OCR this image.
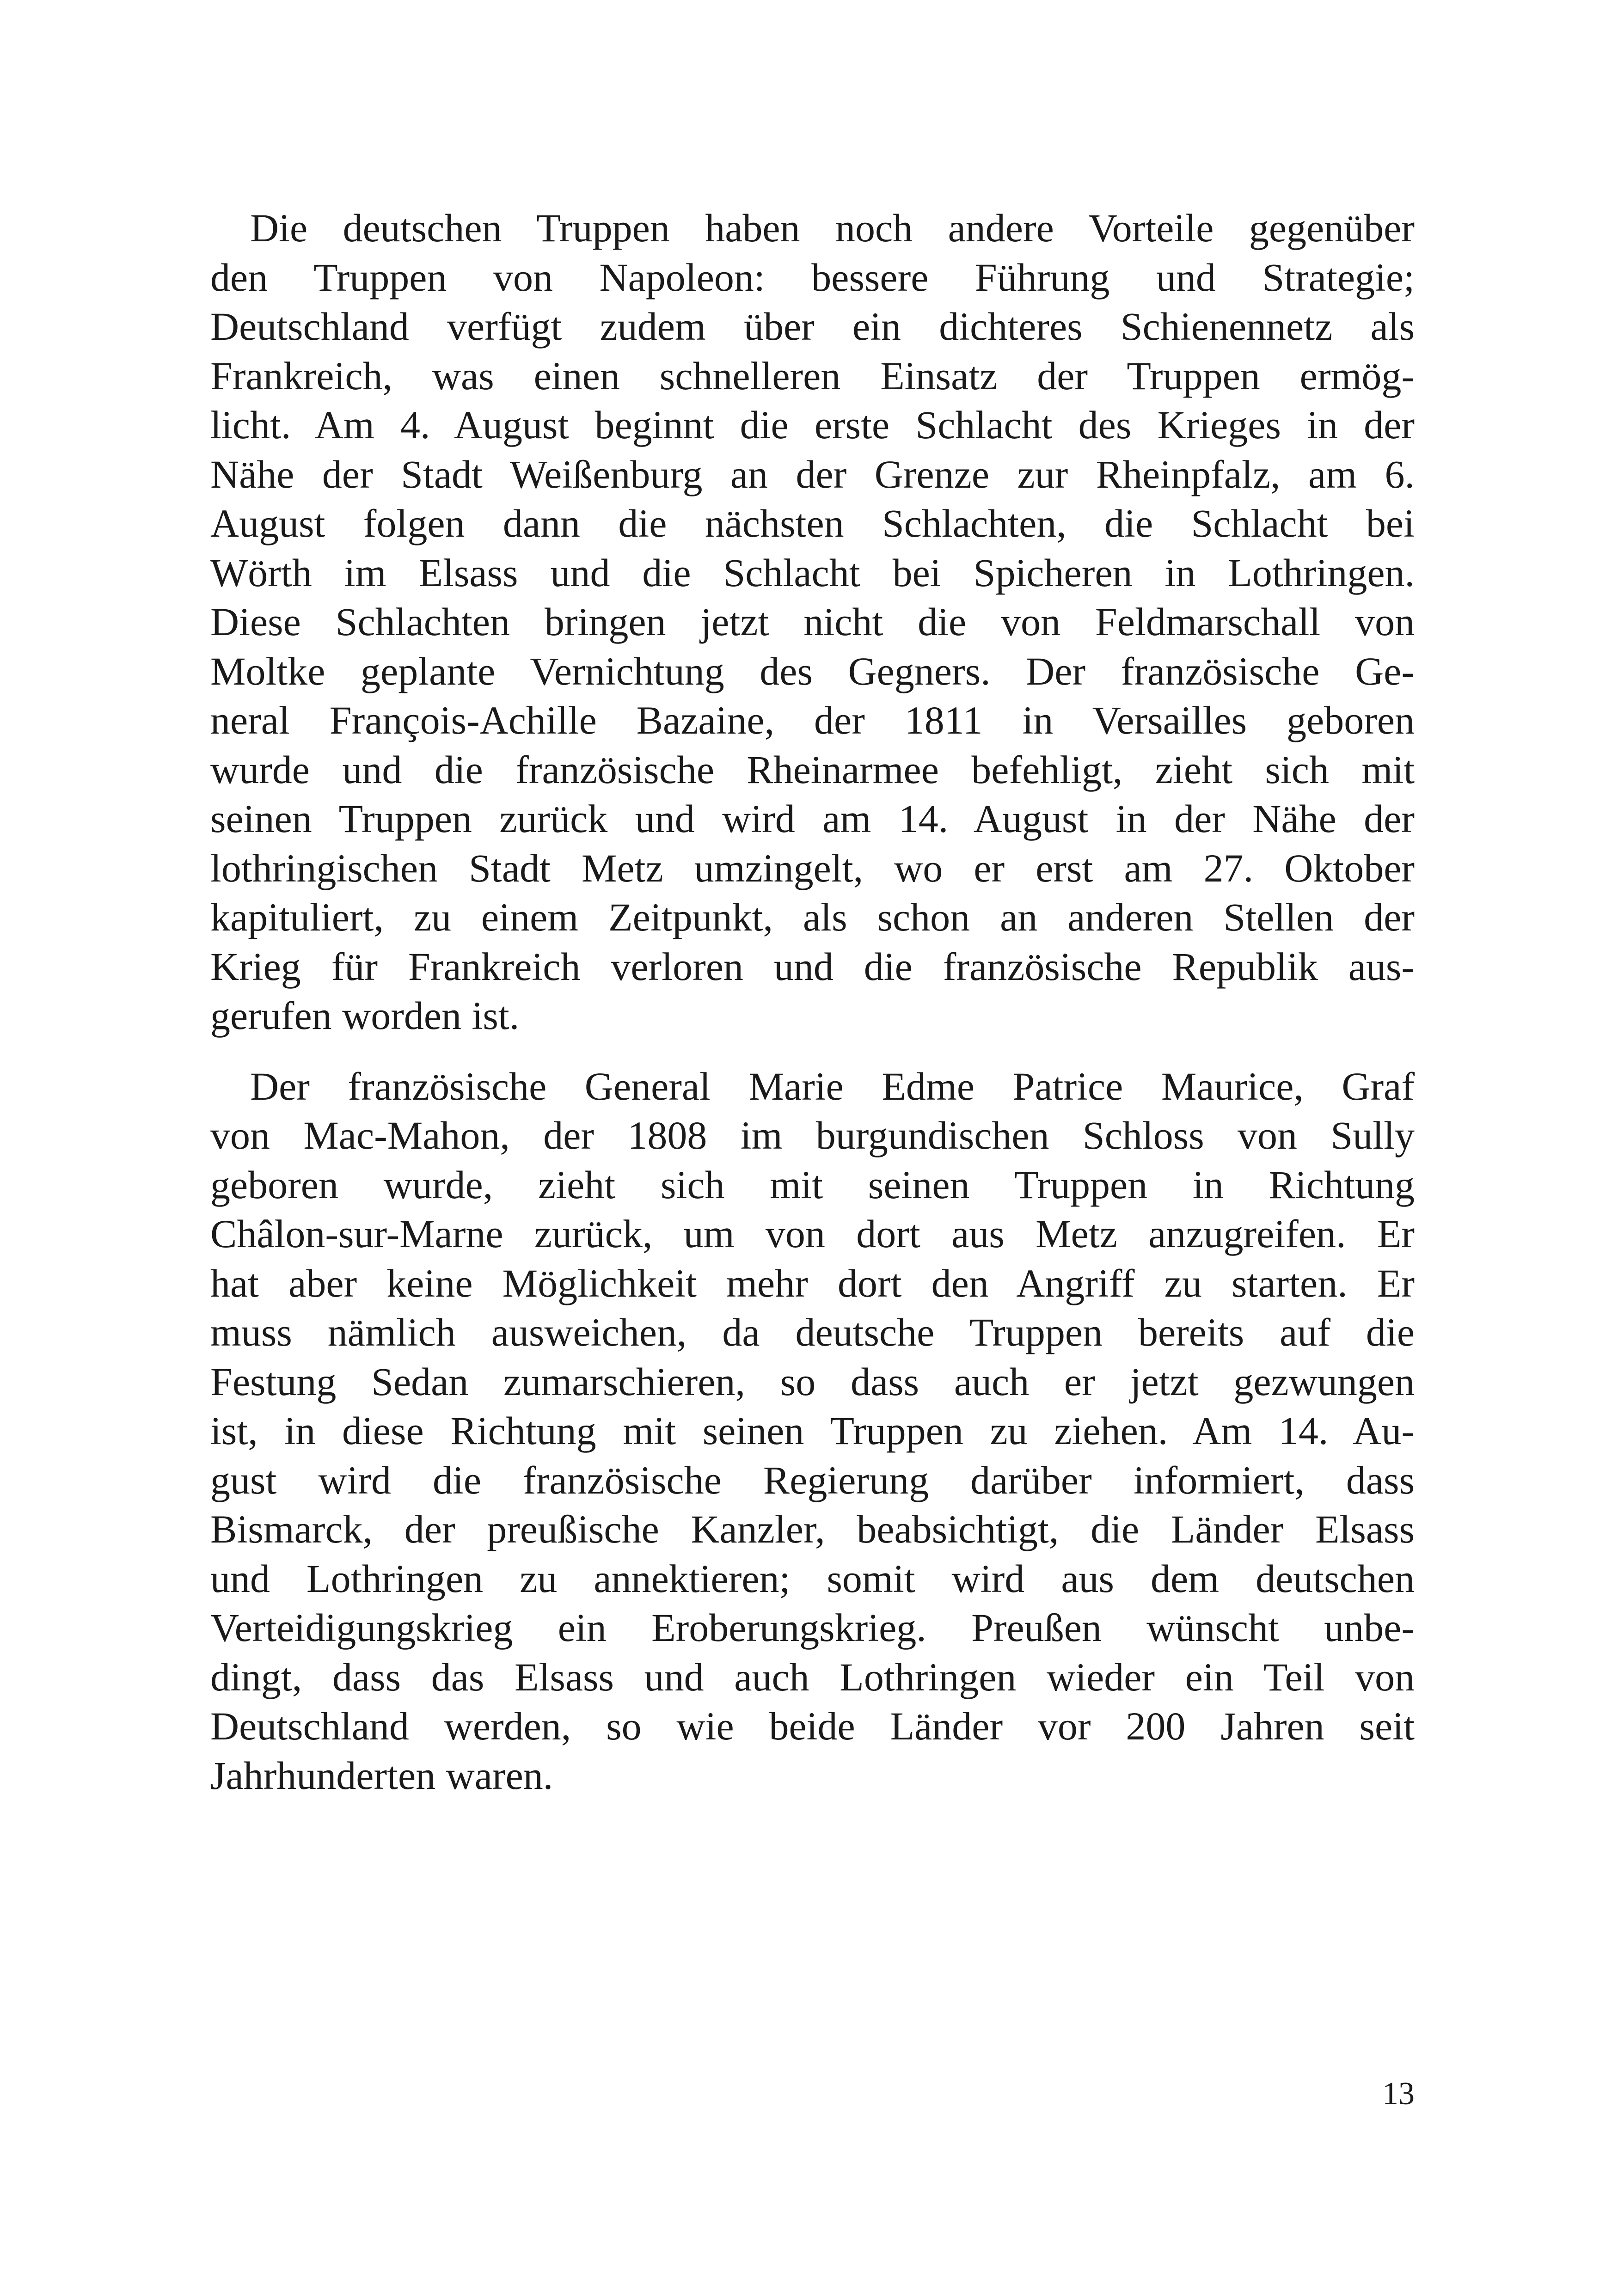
Die deutschen Truppen haben noch andere Vorteile gegenüber
den Truppen von Napoleon: bessere Führung und Strategie;
Deutschland verfügt zudem über ein dichteres Schienennetz als
Frankreich, was einen schnelleren Einsatz der Truppen ermög-
licht. Am 4. August beginnt die erste Schlacht des Krieges in der
Nähe der Stadt Weißenburg an der Grenze zur Rheinpfalz, am 6.
August folgen dann die nächsten Schlachten, die Schlacht bei
Wörth im Elsass und die Schlacht bei Spicheren in Lothringen.
Diese Schlachten bringen jetzt nicht die von Feldmarschall von
Moltke geplante Vernichtung des Gegners. Der französische Ge-
neral François-Achille Bazaine, der 1811 in Versailles geboren
wurde und die französische Rheinarmee befehligt, zieht sich mit
seinen Truppen zurück und wird am 14. August in der Nähe der
lothringischen Stadt Metz umzingelt, wo er erst am 27. Oktober
kapituliert, zu einem Zeitpunkt, als schon an anderen Stellen der
Krieg für Frankreich verloren und die französische Republik aus-
gerufen worden ist.

Der französische General Marie Edme Patrice Maurice, Graf
von Mac-Mahon, der 1808 im burgundischen Schloss von Sully
geboren wurde, zieht sich mit seinen Truppen in Richtung
Châlon-sur-Marne zurück, um von dort aus Metz anzugreifen. Er
hat aber keine Möglichkeit mehr dort den Angriff zu starten. Er
muss nämlich ausweichen, da deutsche Truppen bereits auf die
Festung Sedan zumarschieren, so dass auch er jetzt gezwungen
ist, in diese Richtung mit seinen Truppen zu ziehen. Am 14. Au-
gust wird die französische Regierung darüber informiert, dass
Bismarck, der preußische Kanzler, beabsichtigt, die Länder Elsass
und Lothringen zu annektieren; somit wird aus dem deutschen
Verteidigungskrieg ein Eroberungskrieg. Preußen wünscht unbe-
dingt, dass das Elsass und auch Lothringen wieder ein Teil von
Deutschland werden, so wie beide Länder vor 200 Jahren seit
Jahrhunderten waren.

13
